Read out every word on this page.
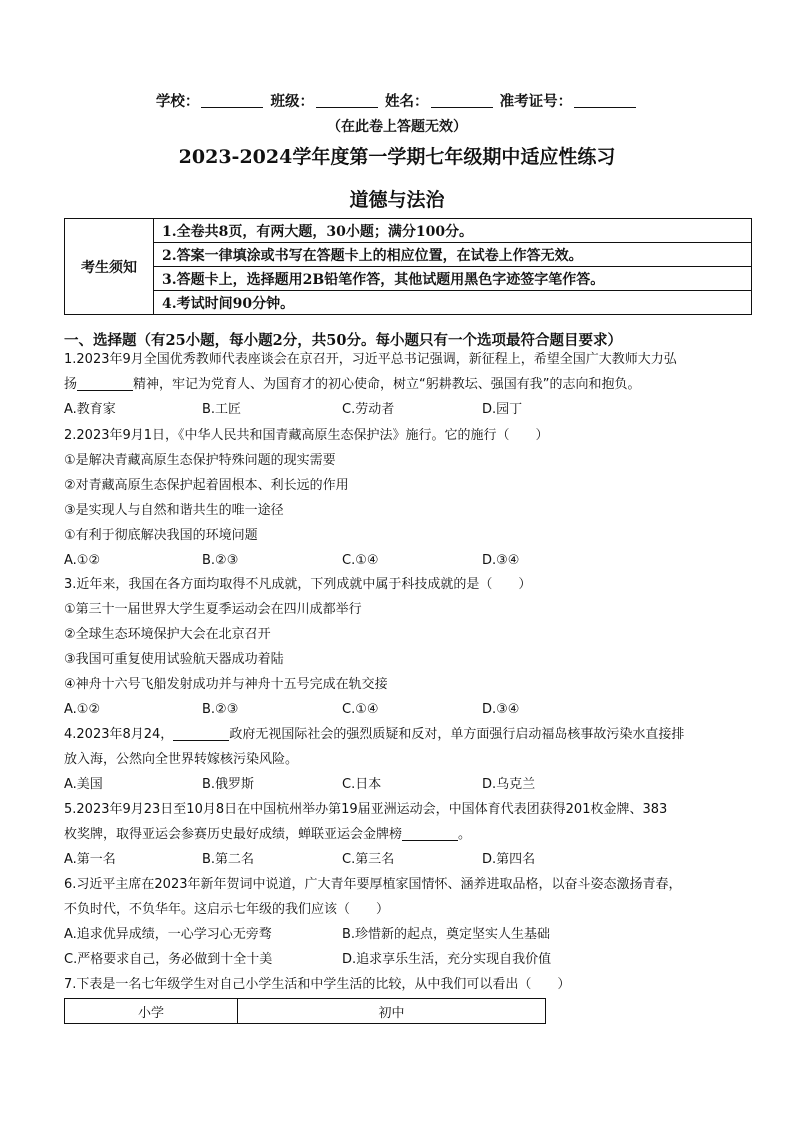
学校：	班级：	姓名：	准考证号：
（在此卷上答题无效）
2023-2024学年度第一学期七年级期中适应性练习
道德与法治
考生须知	1.全卷共8页，有两大题，30小题；满分100分。
2.答案一律填涂或书写在答题卡上的相应位置，在试卷上作答无效。
3.答题卡上，选择题用2B铅笔作答，其他试题用黑色字迹签字笔作答。
4.考试时间90分钟。
一、选择题（有25小题，每小题2分，共50分。每小题只有一个选项最符合题目要求）
1.2023年9月全国优秀教师代表座谈会在京召开，习近平总书记强调，新征程上，希望全国广大教师大力弘
扬	精神，牢记为党育人、为国育才的初心使命，树立“躬耕教坛、强国有我”的志向和抱负。
A.教育家	B.工匠	C.劳动者	D.园丁
2.2023年9月1日，《中华人民共和国青藏高原生态保护法》施行。它的施行（　　）
①是解决青藏高原生态保护特殊问题的现实需要
②对青藏高原生态保护起着固根本、利长远的作用
③是实现人与自然和谐共生的唯一途径
①有利于彻底解决我国的环境问题
A.①②	B.②③	C.①④	D.③④
3.近年来，我国在各方面均取得不凡成就，下列成就中属于科技成就的是（　　）
①第三十一届世界大学生夏季运动会在四川成都举行
②全球生态环境保护大会在北京召开
③我国可重复使用试验航天器成功着陆
④神舟十六号飞船发射成功并与神舟十五号完成在轨交接
A.①②	B.②③	C.①④	D.③④
4.2023年8月24，	政府无视国际社会的强烈质疑和反对，单方面强行启动福岛核事故污染水直接排
放入海，公然向全世界转嫁核污染风险。
A.美国	B.俄罗斯	C.日本	D.乌克兰
5.2023年9月23日至10月8日在中国杭州举办第19届亚洲运动会，中国体育代表团获得201枚金牌、383
枚奖牌，取得亚运会参赛历史最好成绩，蝉联亚运会金牌榜	。
A.第一名	B.第二名	C.第三名	D.第四名
6.习近平主席在2023年新年贺词中说道，广大青年要厚植家国情怀、涵养进取品格，以奋斗姿态激扬青春，
不负时代，不负华年。这启示七年级的我们应该（　　）
A.追求优异成绩，一心学习心无旁骛	B.珍惜新的起点，奠定坚实人生基础
C.严格要求自己，务必做到十全十美	D.追求享乐生活，充分实现自我价值
7.下表是一名七年级学生对自己小学生活和中学生活的比较，从中我们可以看出（　　）
小学	初中
